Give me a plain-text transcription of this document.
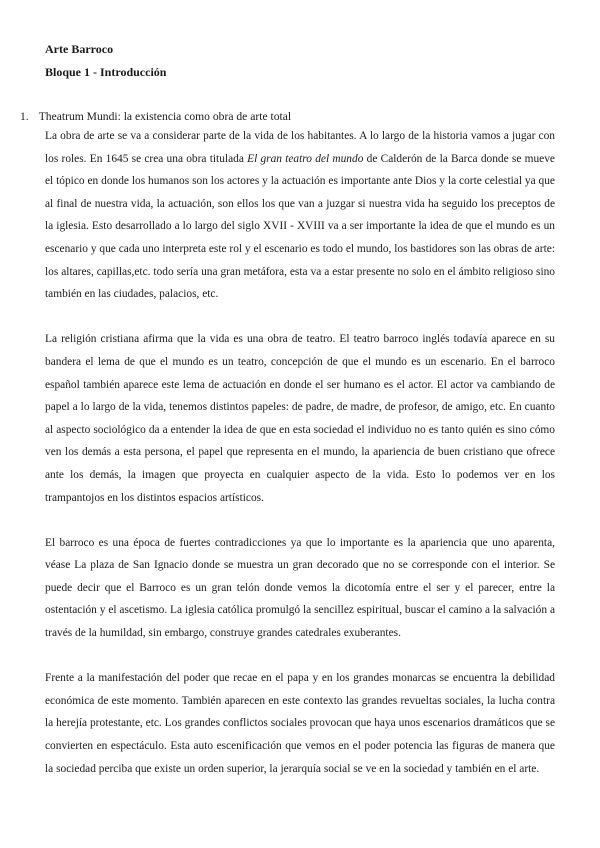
Arte Barroco

Bloque 1 - Introducción

1. Theatrum Mundi: la existencia como obra de arte total

La obra de arte se va a considerar parte de la vida de los habitantes. A lo largo de la historia vamos a jugar con los roles. En 1645 se crea una obra titulada El gran teatro del mundo de Calderón de la Barca donde se mueve el tópico en donde los humanos son los actores y la actuación es importante ante Dios y la corte celestial ya que al final de nuestra vida, la actuación, son ellos los que van a juzgar si nuestra vida ha seguido los preceptos de la iglesia. Esto desarrollado a lo largo del siglo XVII - XVIII va a ser importante la idea de que el mundo es un escenario y que cada uno interpreta este rol y el escenario es todo el mundo, los bastidores son las obras de arte: los altares, capillas,etc. todo sería una gran metáfora, esta va a estar presente no solo en el ámbito religioso sino también en las ciudades, palacios, etc.

La religión cristiana afirma que la vida es una obra de teatro. El teatro barroco inglés todavía aparece en su bandera el lema de que el mundo es un teatro, concepción de que el mundo es un escenario. En el barroco español también aparece este lema de actuación en donde el ser humano es el actor. El actor va cambiando de papel a lo largo de la vida, tenemos distintos papeles: de padre, de madre, de profesor, de amigo, etc. En cuanto al aspecto sociológico da a entender la idea de que en esta sociedad el individuo no es tanto quién es sino cómo ven los demás a esta persona, el papel que representa en el mundo, la apariencia de buen cristiano que ofrece ante los demás, la imagen que proyecta en cualquier aspecto de la vida. Esto lo podemos ver en los trampantojos en los distintos espacios artísticos.

El barroco es una época de fuertes contradicciones ya que lo importante es la apariencia que uno aparenta, véase La plaza de San Ignacio donde se muestra un gran decorado que no se corresponde con el interior. Se puede decir que el Barroco es un gran telón donde vemos la dicotomía entre el ser y el parecer, entre la ostentación y el ascetismo. La iglesia católica promulgó la sencillez espiritual, buscar el camino a la salvación a través de la humildad, sin embargo, construye grandes catedrales exuberantes.

Frente a la manifestación del poder que recae en el papa y en los grandes monarcas se encuentra la debilidad económica de este momento. También aparecen en este contexto las grandes revueltas sociales, la lucha contra la herejía protestante, etc. Los grandes conflictos sociales provocan que haya unos escenarios dramáticos que se convierten en espectáculo. Esta auto escenificación que vemos en el poder potencia las figuras de manera que la sociedad perciba que existe un orden superior, la jerarquía social se ve en la sociedad y también en el arte.
